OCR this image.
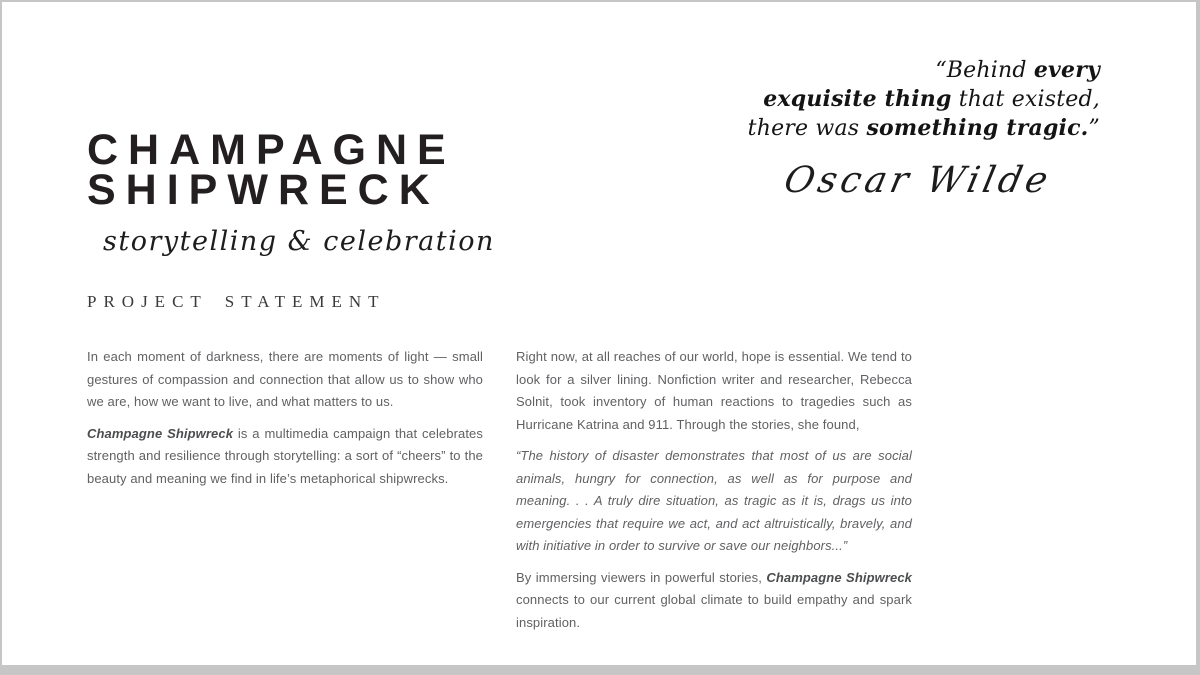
“Behind every
exquisite thing that existed,
there was something tragic.”
Oscar Wilde
CHAMPAGNE
SHIPWRECK
storytelling & celebration
PROJECT STATEMENT

In each moment of darkness, there are moments of light — small gestures of compassion and connection that allow us to show who we are, how we want to live, and what matters to us.

Champagne Shipwreck is a multimedia campaign that celebrates strength and resilience through storytelling: a sort of “cheers” to the beauty and meaning we find in life’s metaphorical shipwrecks.

Right now, at all reaches of our world, hope is essential. We tend to look for a silver lining. Nonfiction writer and researcher, Rebecca Solnit, took inventory of human reactions to tragedies such as Hurricane Katrina and 911. Through the stories, she found,

“The history of disaster demonstrates that most of us are social animals, hungry for connection, as well as for purpose and meaning. . . A truly dire situation, as tragic as it is, drags us into emergencies that require we act, and act altruistically, bravely, and with initiative in order to survive or save our neighbors...”

By immersing viewers in powerful stories, Champagne Shipwreck connects to our current global climate to build empathy and spark inspiration.
